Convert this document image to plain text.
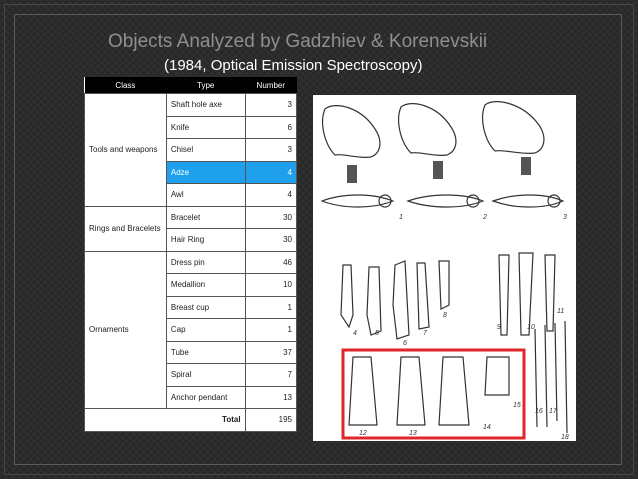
Objects Analyzed by Gadzhiev & Korenevskii
(1984, Optical Emission Spectroscopy)
Class	Type	Number
Tools and weapons	Shaft hole axe	3
	Knife	6
	Chisel	3
	Adze	4
	Awl	4
Rings and Bracelets	Bracelet	30
	Hair Ring	30
Ornaments	Dress pin	46
	Medallion	10
	Breast cup	1
	Cap	1
	Tube	37
	Spiral	7
	Anchor pendant	13
Total		195
1	2	3
4	5
6
7
8
9	10
11
12	13
14
15
16 17
18
